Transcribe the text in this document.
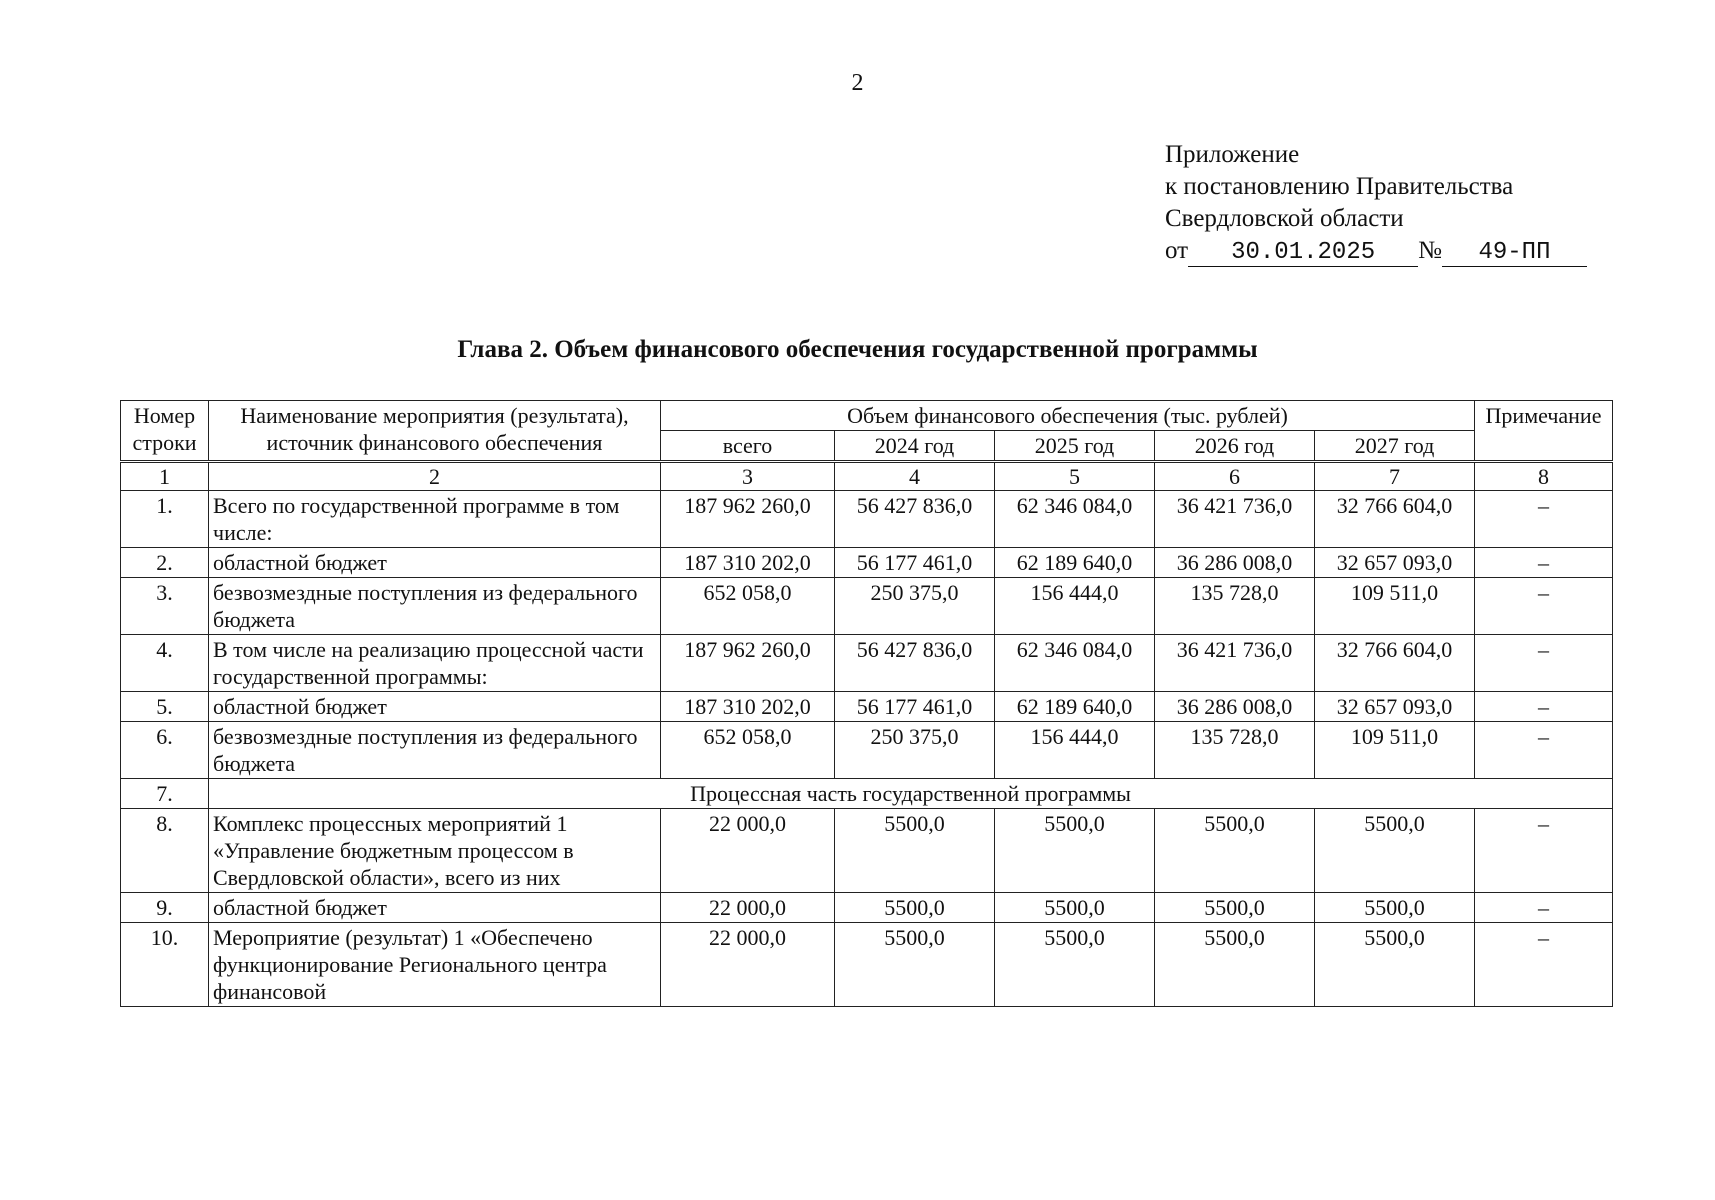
2
Приложение
к постановлению Правительства
Свердловской области
от 30.01.2025 № 49-ПП
Глава 2. Объем финансового обеспечения государственной программы
Номер строки	Наименование мероприятия (результата), источник финансового обеспечения	Объем финансового обеспечения (тыс. рублей)					Примечание
		всего	2024 год	2025 год	2026 год	2027 год	
1	2	3	4	5	6	7	8
1.	Всего по государственной программе в том числе:	187 962 260,0	56 427 836,0	62 346 084,0	36 421 736,0	32 766 604,0	–
2.	областной бюджет	187 310 202,0	56 177 461,0	62 189 640,0	36 286 008,0	32 657 093,0	–
3.	безвозмездные поступления из федерального бюджета	652 058,0	250 375,0	156 444,0	135 728,0	109 511,0	–
4.	В том числе на реализацию процессной части государственной программы:	187 962 260,0	56 427 836,0	62 346 084,0	36 421 736,0	32 766 604,0	–
5.	областной бюджет	187 310 202,0	56 177 461,0	62 189 640,0	36 286 008,0	32 657 093,0	–
6.	безвозмездные поступления из федерального бюджета	652 058,0	250 375,0	156 444,0	135 728,0	109 511,0	–
7.	Процессная часть государственной программы						
8.	Комплекс процессных мероприятий 1 «Управление бюджетным процессом в Свердловской области», всего из них	22 000,0	5500,0	5500,0	5500,0	5500,0	–
9.	областной бюджет	22 000,0	5500,0	5500,0	5500,0	5500,0	–
10.	Мероприятие (результат) 1 «Обеспечено функционирование Регионального центра финансовой	22 000,0	5500,0	5500,0	5500,0	5500,0	–
